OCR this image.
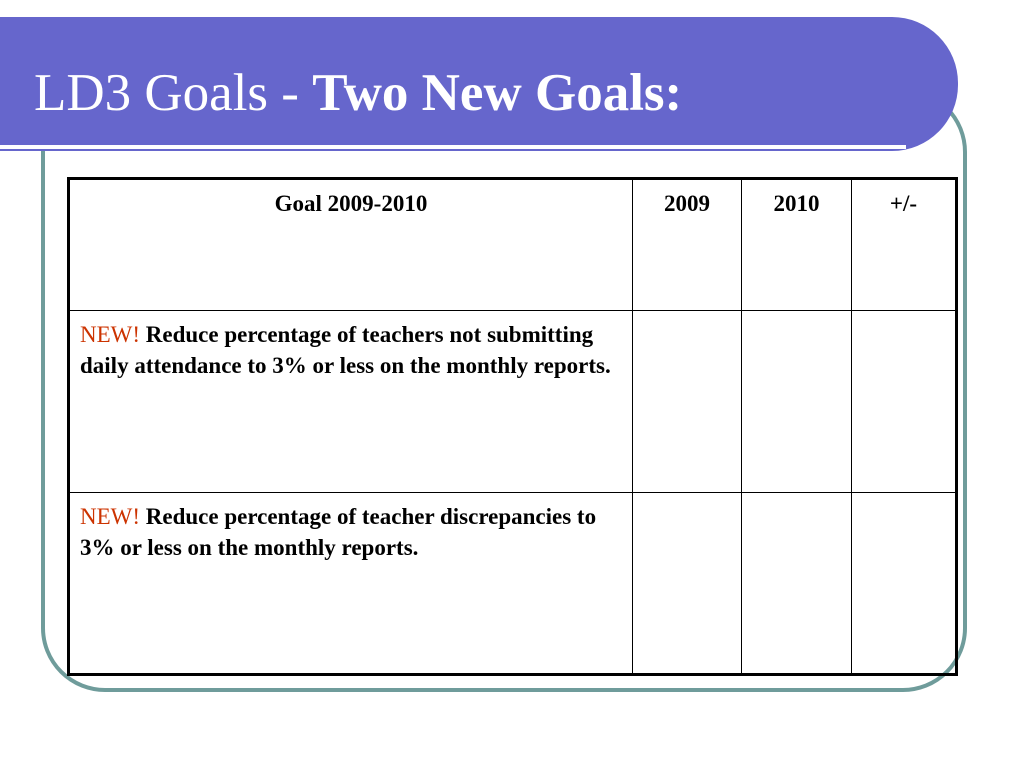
LD3 Goals - Two New Goals:
Goal 2009-2010	2009	2010	+/-
NEW! Reduce percentage of teachers not submitting daily attendance to 3% or less on the monthly reports.			
NEW! Reduce percentage of teacher discrepancies to 3% or less on the monthly reports.			
